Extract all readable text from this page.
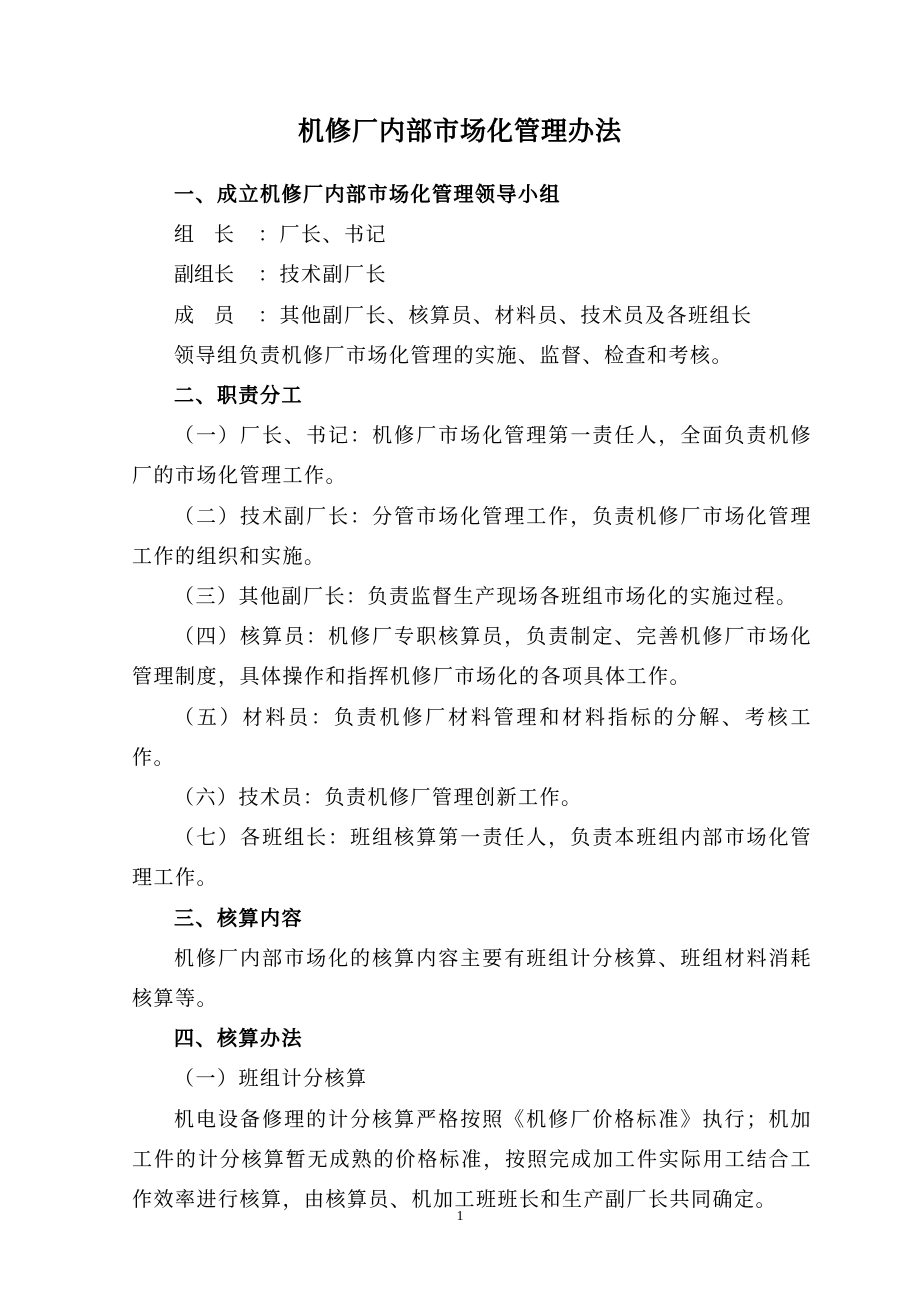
机修厂内部市场化管理办法

一、成立机修厂内部市场化管理领导小组

组　长 ：厂长、书记

副组长 ：技术副厂长

成　员 ：其他副厂长、核算员、材料员、技术员及各班组长

领导组负责机修厂市场化管理的实施、监督、检查和考核。

二、职责分工

（一）厂长、书记：机修厂市场化管理第一责任人，全面负责机修厂的市场化管理工作。

（二）技术副厂长：分管市场化管理工作，负责机修厂市场化管理工作的组织和实施。

（三）其他副厂长：负责监督生产现场各班组市场化的实施过程。

（四）核算员：机修厂专职核算员，负责制定、完善机修厂市场化管理制度，具体操作和指挥机修厂市场化的各项具体工作。

（五）材料员：负责机修厂材料管理和材料指标的分解、考核工作。

（六）技术员：负责机修厂管理创新工作。

（七）各班组长：班组核算第一责任人，负责本班组内部市场化管理工作。

三、核算内容

机修厂内部市场化的核算内容主要有班组计分核算、班组材料消耗核算等。

四、核算办法

（一）班组计分核算

机电设备修理的计分核算严格按照《机修厂价格标准》执行；机加工件的计分核算暂无成熟的价格标准，按照完成加工件实际用工结合工作效率进行核算，由核算员、机加工班班长和生产副厂长共同确定。

1
